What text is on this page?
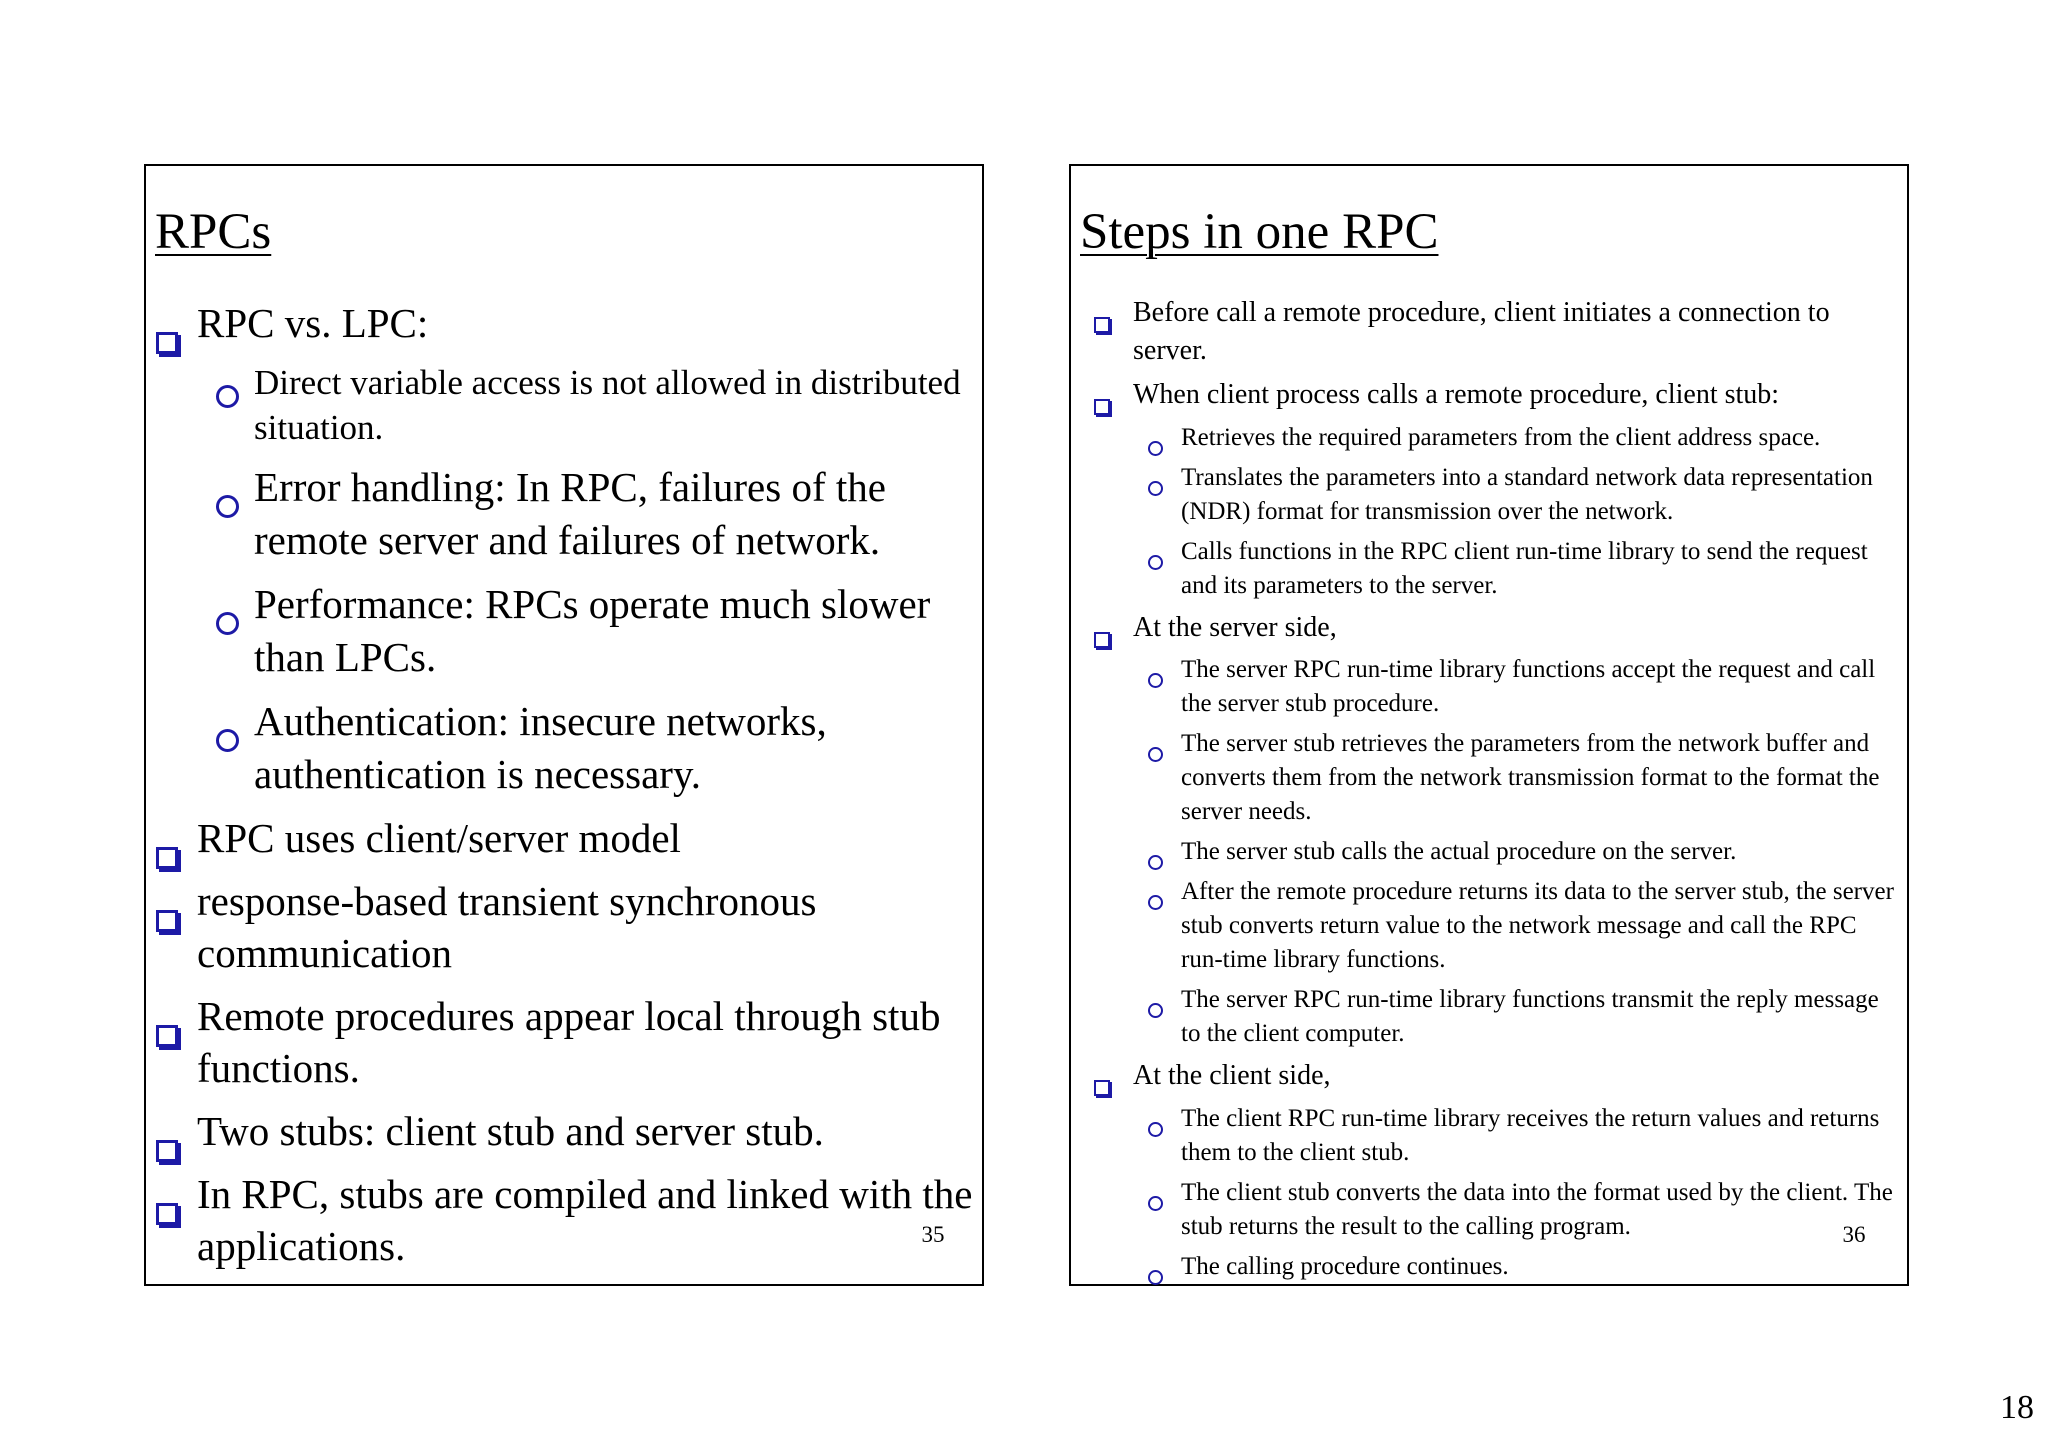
RPCs
RPC vs. LPC:
Direct variable access is not allowed in distributed situation.
Error handling: In RPC, failures of the remote server and failures of network.
Performance: RPCs operate much slower than LPCs.
Authentication: insecure networks, authentication is necessary.
RPC uses client/server model
response-based transient synchronous communication
Remote procedures appear local through stub functions.
Two stubs: client stub and server stub.
In RPC, stubs are compiled and linked with the applications.	35
Steps in one RPC
Before call a remote procedure, client initiates a connection to server.
When client process calls a remote procedure, client stub:
Retrieves the required parameters from the client address space.
Translates the parameters into a standard network data representation (NDR) format for transmission over the network.
Calls functions in the RPC client run-time library to send the request and its parameters to the server.
At the server side,
The server RPC run-time library functions accept the request and call the server stub procedure.
The server stub retrieves the parameters from the network buffer and converts them from the network transmission format to the format the server needs.
The server stub calls the actual procedure on the server.
After the remote procedure returns its data to the server stub, the server stub converts return value to the network message and call the RPC run-time library functions.
The server RPC run-time library functions transmit the reply message to the client computer.
At the client side,
The client RPC run-time library receives the return values and returns them to the client stub.
The client stub converts the data into the format used by the client. The stub returns the result to the calling program.
The calling procedure continues.
36
18
